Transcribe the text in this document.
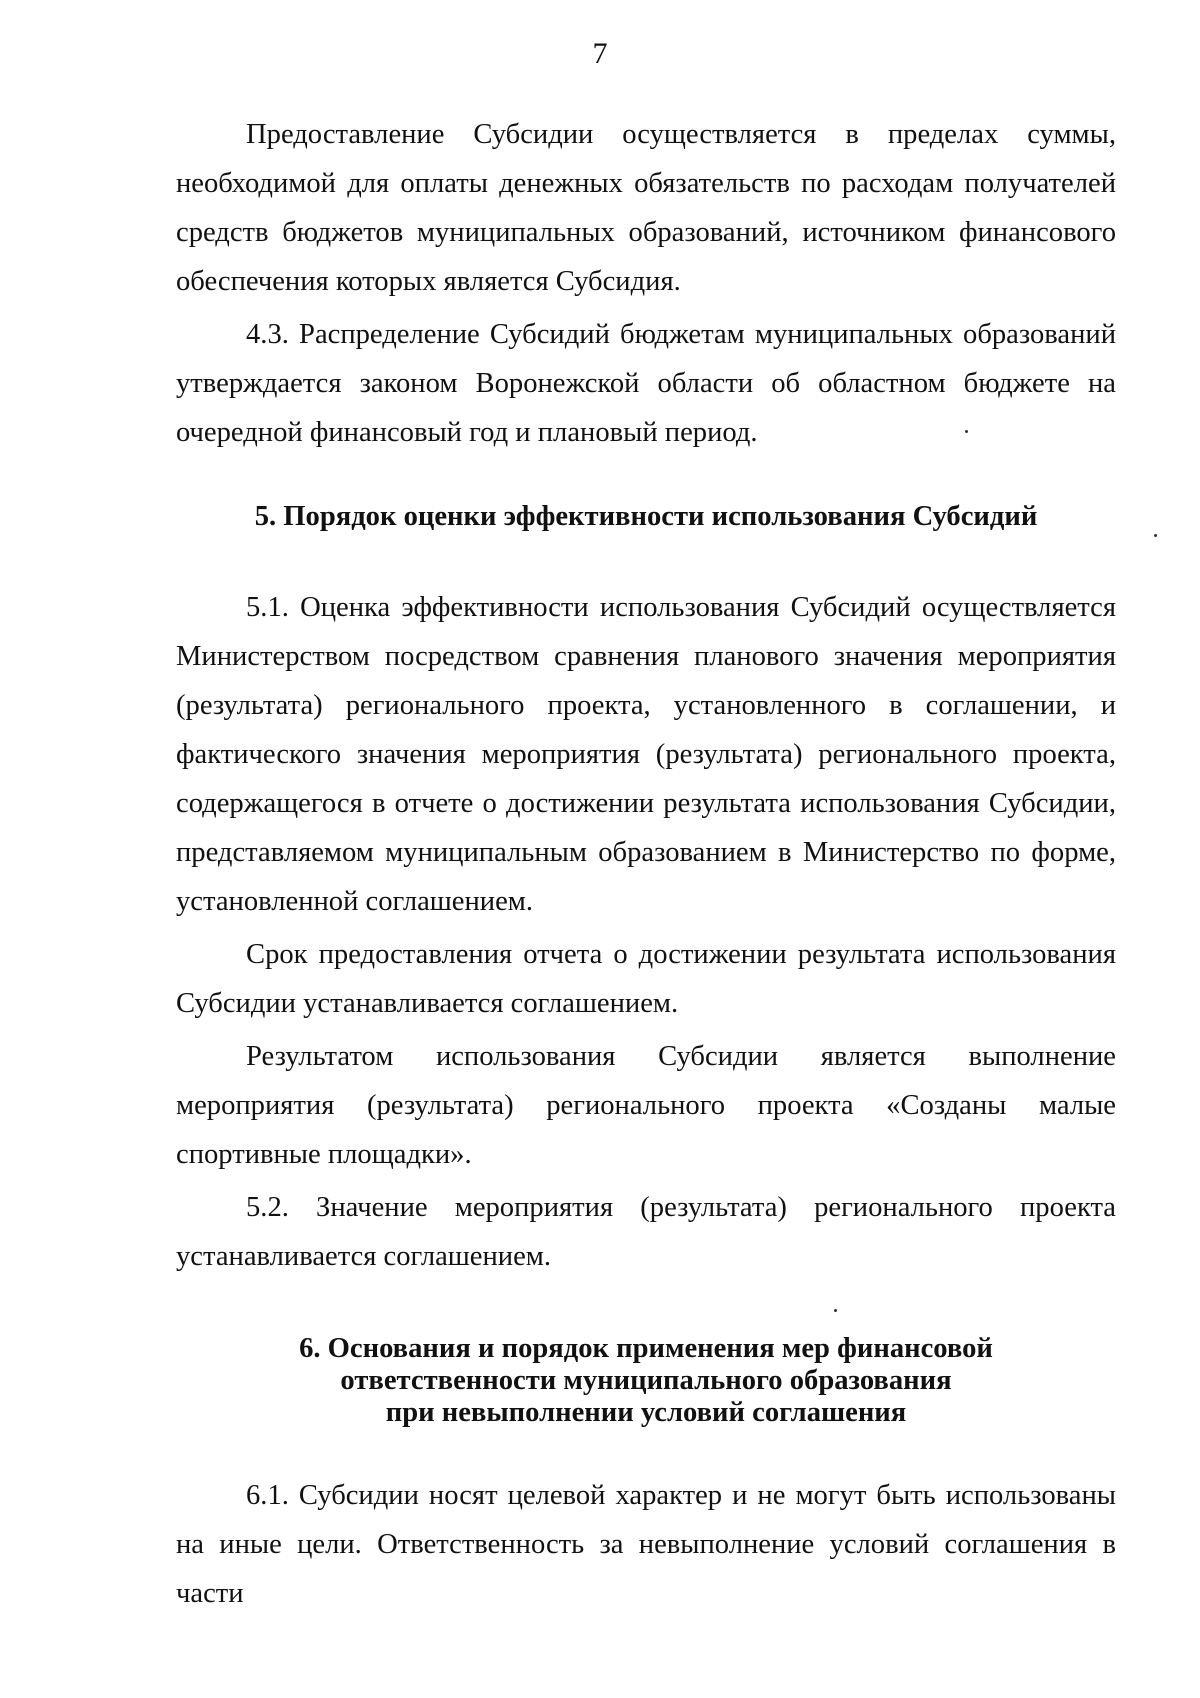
7

Предоставление Субсидии осуществляется в пределах суммы, необходимой для оплаты денежных обязательств по расходам получателей средств бюджетов муниципальных образований, источником финансового обеспечения которых является Субсидия.

4.3. Распределение Субсидий бюджетам муниципальных образований утверждается законом Воронежской области об областном бюджете на очередной финансовый год и плановый период.

5. Порядок оценки эффективности использования Субсидий

5.1. Оценка эффективности использования Субсидий осуществляется Министерством посредством сравнения планового значения мероприятия (результата) регионального проекта, установленного в соглашении, и фактического значения мероприятия (результата) регионального проекта, содержащегося в отчете о достижении результата использования Субсидии, представляемом муниципальным образованием в Министерство по форме, установленной соглашением.

Срок предоставления отчета о достижении результата использования Субсидии устанавливается соглашением.

Результатом использования Субсидии является выполнение мероприятия (результата) регионального проекта «Созданы малые спортивные площадки».

5.2. Значение мероприятия (результата) регионального проекта устанавливается соглашением.

6. Основания и порядок применения мер финансовой
ответственности муниципального образования
при невыполнении условий соглашения

6.1. Субсидии носят целевой характер и не могут быть использованы на иные цели. Ответственность за невыполнение условий соглашения в части
